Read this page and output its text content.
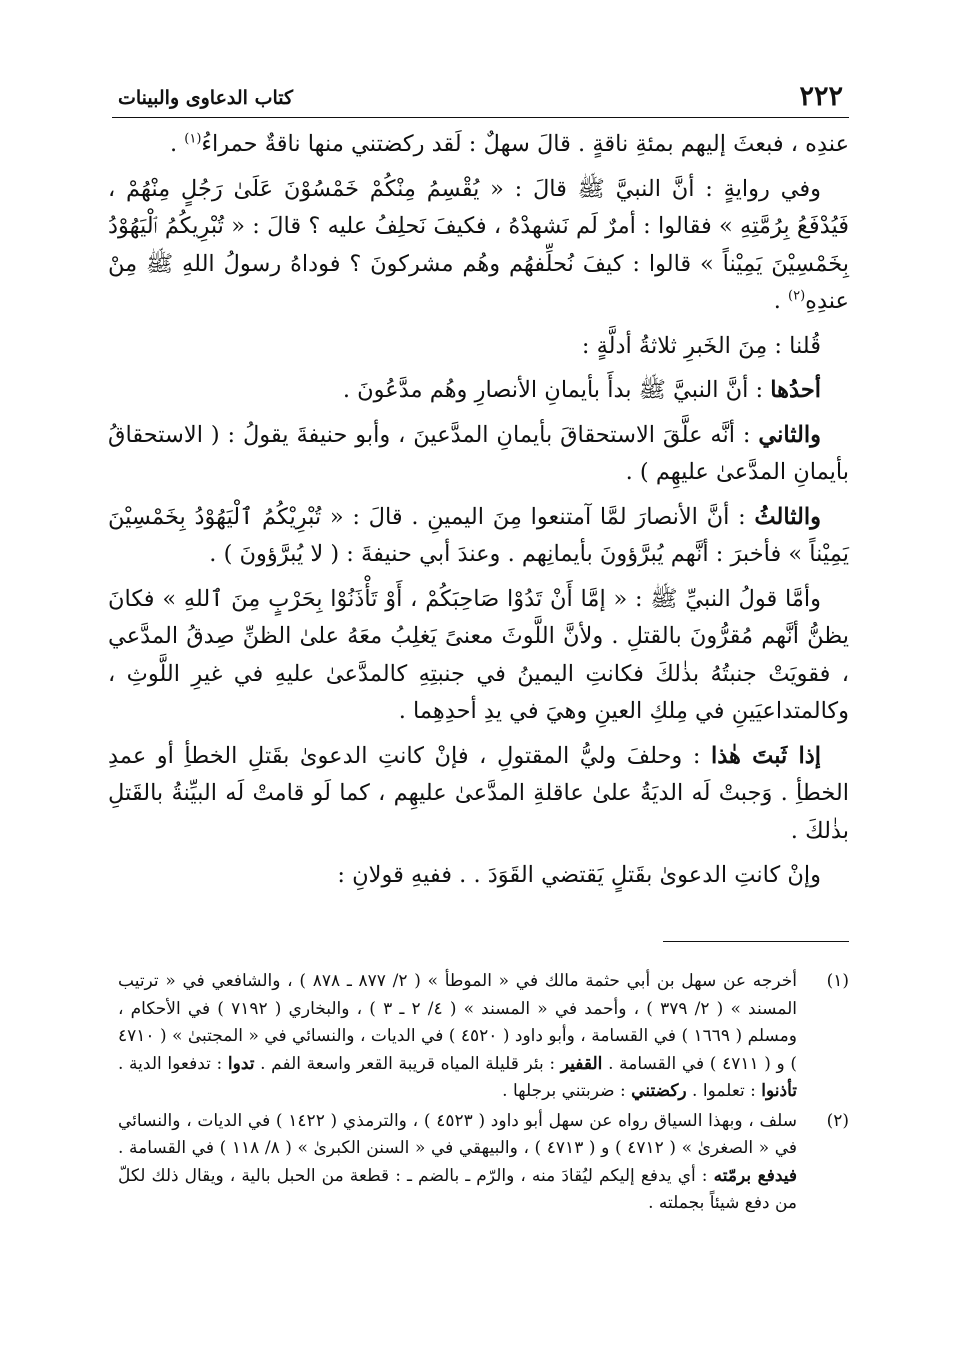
٢٢٢
كتاب الدعاوى والبينات

عندِه ، فبعثَ إليهم بمئةِ ناقةٍ . قالَ سهلٌ : لَقد ركضتني منها ناقةٌ حمراءُ$^{(١)}$ .

وفي روايةٍ : أنَّ النبيَّ ﷺ قالَ : « يُقْسِمُ مِنْكُمْ خَمْسُوْنَ عَلَىٰ رَجُلٍ مِنْهُمْ ، فَيُدْفَعُ بِرُمَّتِهِ » فقالوا : أمرٌ لَم نَشهدْهُ ، فكيفَ نَحلِفُ عليه ؟ قالَ : « تُبْرِيكُمُ ٱلْيَهُوْدُ بِخَمْسِيْنَ يَمِيْناً » قالوا : كيفَ نُحلِّفهُم وهُم مشركونَ ؟ فوداهُ رسولُ اللهِ ﷺ مِنْ عندِهِ$^{(٢)}$ .

قُلنا : مِنَ الخَبرِ ثلاثةُ أدلَّةٍ :

أحدُها : أنَّ النبيَّ ﷺ بدأَ بأيمانِ الأنصارِ وهُم مدَّعُونَ .

والثاني : أنَّه علَّقَ الاستحقاقَ بأيمانِ المدَّعينَ ، وأبو حنيفةَ يقولُ : ( الاستحقاقُ بأيمانِ المدَّعىٰ عليهِم ) .

والثالثُ : أنَّ الأنصارَ لمَّا آمتنعوا مِنَ اليمينِ . قالَ : « تُبْرِيْكُمُ ٱلْيَهُوْدُ بِخَمْسِيْنَ يَمِيْناً » فأخبرَ : أنَّهم يُبرَّؤونَ بأيمانِهم . وعندَ أبي حنيفةَ : ( لا يُبرَّؤونَ ) .

وأمَّا قولُ النبيِّ ﷺ : « إمَّا أَنْ تَدُوْا صَاحِبَكُمْ ، أَوْ تَأْذَنُوْا بِحَرْبٍ مِنَ ٱللهِ » فكانَ يظنُّ أنَّهم مُقرُّونَ بالقتلِ . ولأنَّ اللَّوثَ معنىً يَغلِبُ معَهُ علىٰ الظنِّ صِدقُ المدَّعي ، فقويَتْ جنبتُهُ بذٰلكَ فكانتِ اليمينُ في جنبتِهِ كالمدَّعىٰ عليهِ في غيرِ اللَّوثِ ، وكالمتداعيَينِ في مِلكِ العينِ وهيَ في يدِ أحدِهِما .

إذا ثَبتَ هٰذا : وحلفَ وليُّ المقتولِ ، فإنْ كانتِ الدعوىٰ بقَتلِ الخطأِ أو عمدِ الخطأِ . وَجبتْ لَه الديَةُ علىٰ عاقلةِ المدَّعىٰ عليهِم ، كما لَو قامتْ لَه البيِّنةُ بالقَتلِ بذٰلكَ .

وإنْ كانتِ الدعوىٰ بقَتلٍ يَقتضي القَوَدَ . . ففيهِ قولانِ :

(١)
أخرجه عن سهل بن أبي حثمة مالك في « الموطأ » ( ٢/ ٨٧٧ ـ ٨٧٨ ) ، والشافعي في « ترتيب المسند » ( ٢/ ٣٧٩ ) ، وأحمد في « المسند » ( ٤/ ٢ ـ ٣ ) ، والبخاري ( ٧١٩٢ ) في الأحكام ، ومسلم ( ١٦٦٩ ) في القسامة ، وأبو داود ( ٤٥٢٠ ) في الديات ، والنسائي في « المجتبىٰ » ( ٤٧١٠ ) و ( ٤٧١١ ) في القسامة . القفير : بئر قليلة المياه قريبة القعر واسعة الفم . تدوا : تدفعوا الدية . تأذنوا : تعلموا . ركضتني : ضربتني برجلها .
(٢)
سلف ، وبهذا السياق رواه عن سهل أبو داود ( ٤٥٢٣ ) ، والترمذي ( ١٤٢٢ ) في الديات ، والنسائي في « الصغرىٰ » ( ٤٧١٢ ) و ( ٤٧١٣ ) ، والبيهقي في « السنن الكبرىٰ » ( ٨/ ١١٨ ) في القسامة . فيدفع برمّته : أي يدفع إليكم ليُقادَ منه ، والرّم ـ بالضم ـ : قطعة من الحبل بالية ، ويقال ذلك لكلّ من دفع شيئاً بجملته .
